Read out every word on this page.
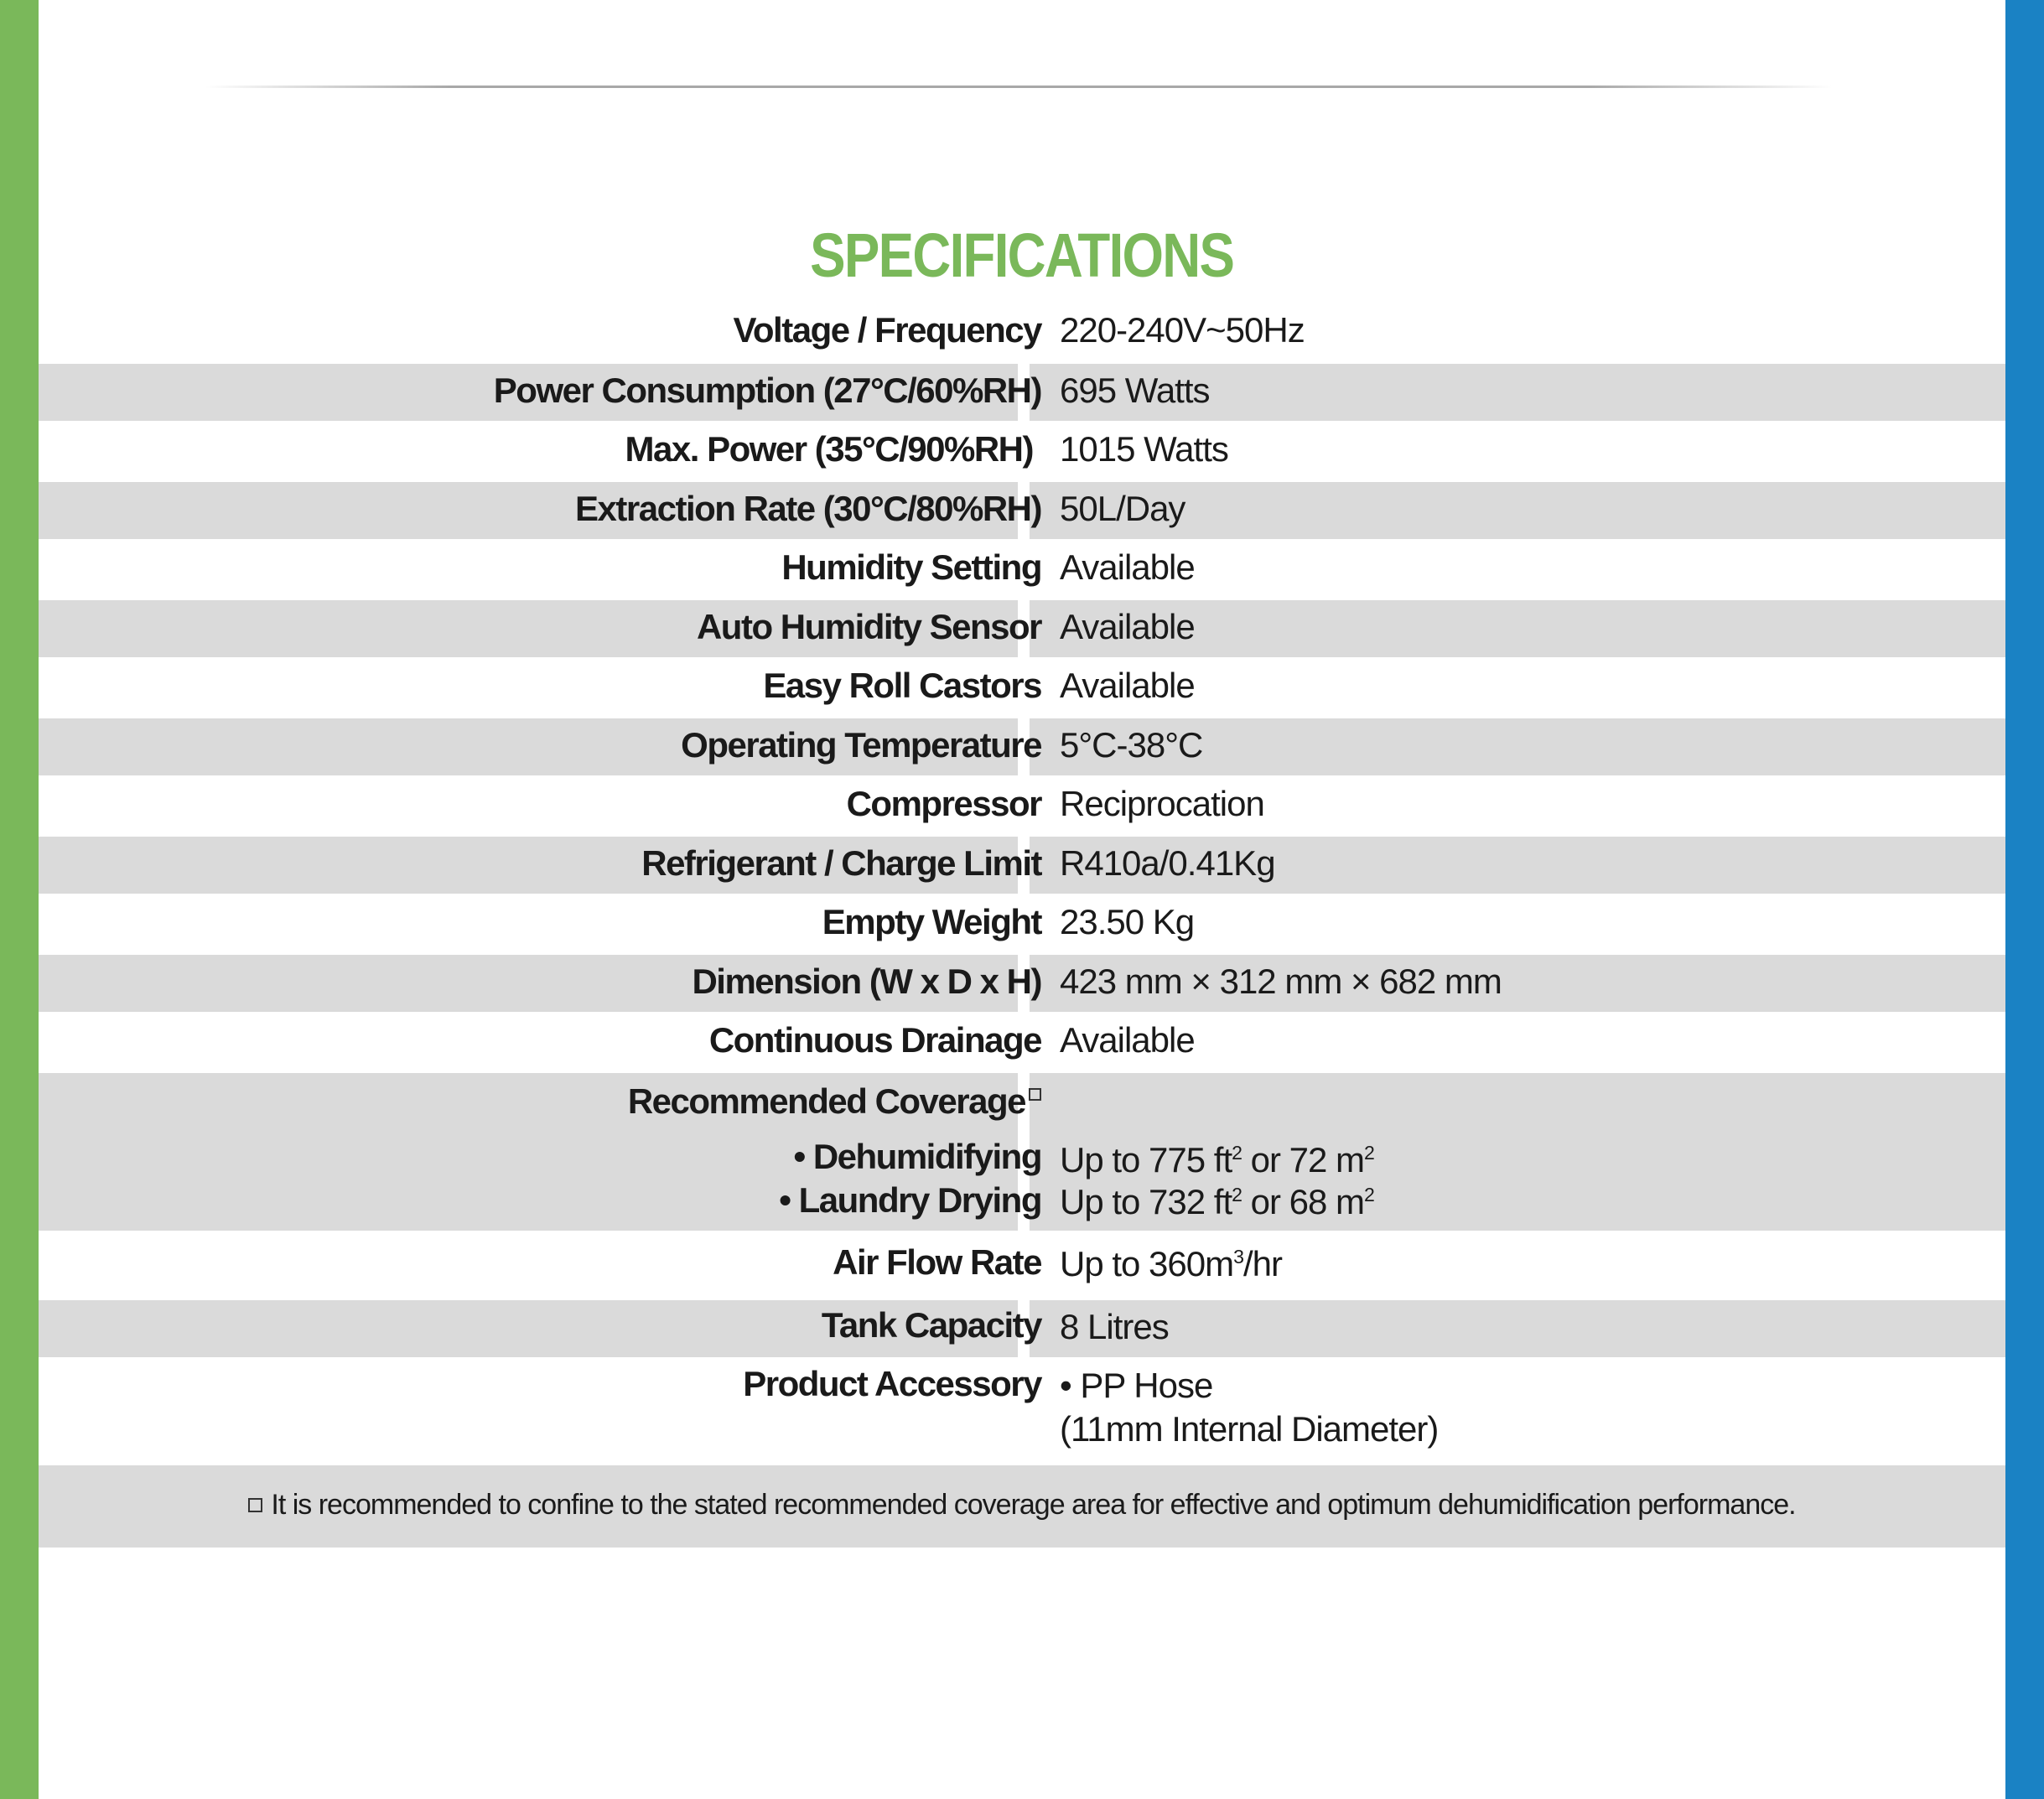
SPECIFICATIONS
Voltage / Frequency 220-240V~50Hz
Power Consumption (27°C/60%RH) 695 Watts
Max. Power (35°C/90%RH) 1015 Watts
Extraction Rate (30°C/80%RH) 50L/Day
Humidity Setting Available
Auto Humidity Sensor Available
Easy Roll Castors Available
Operating Temperature 5°C-38°C
Compressor Reciprocation
Refrigerant / Charge Limit R410a/0.41Kg
Empty Weight 23.50 Kg
Dimension (W x D x H) 423 mm × 312 mm × 682 mm
Continuous Drainage Available
Recommended Coverage
• Dehumidifying
• Laundry Drying
Up to 775 $ft^2$ or 72 $m^2$
Up to 732 $ft^2$ or 68 $m^2$
Air Flow Rate Up to $360m^3/hr$
Tank Capacity 8 Litres
Product Accessory • PP Hose
(11mm Internal Diameter)
It is recommended to confine to the stated recommended coverage area for effective and optimum dehumidification performance.
